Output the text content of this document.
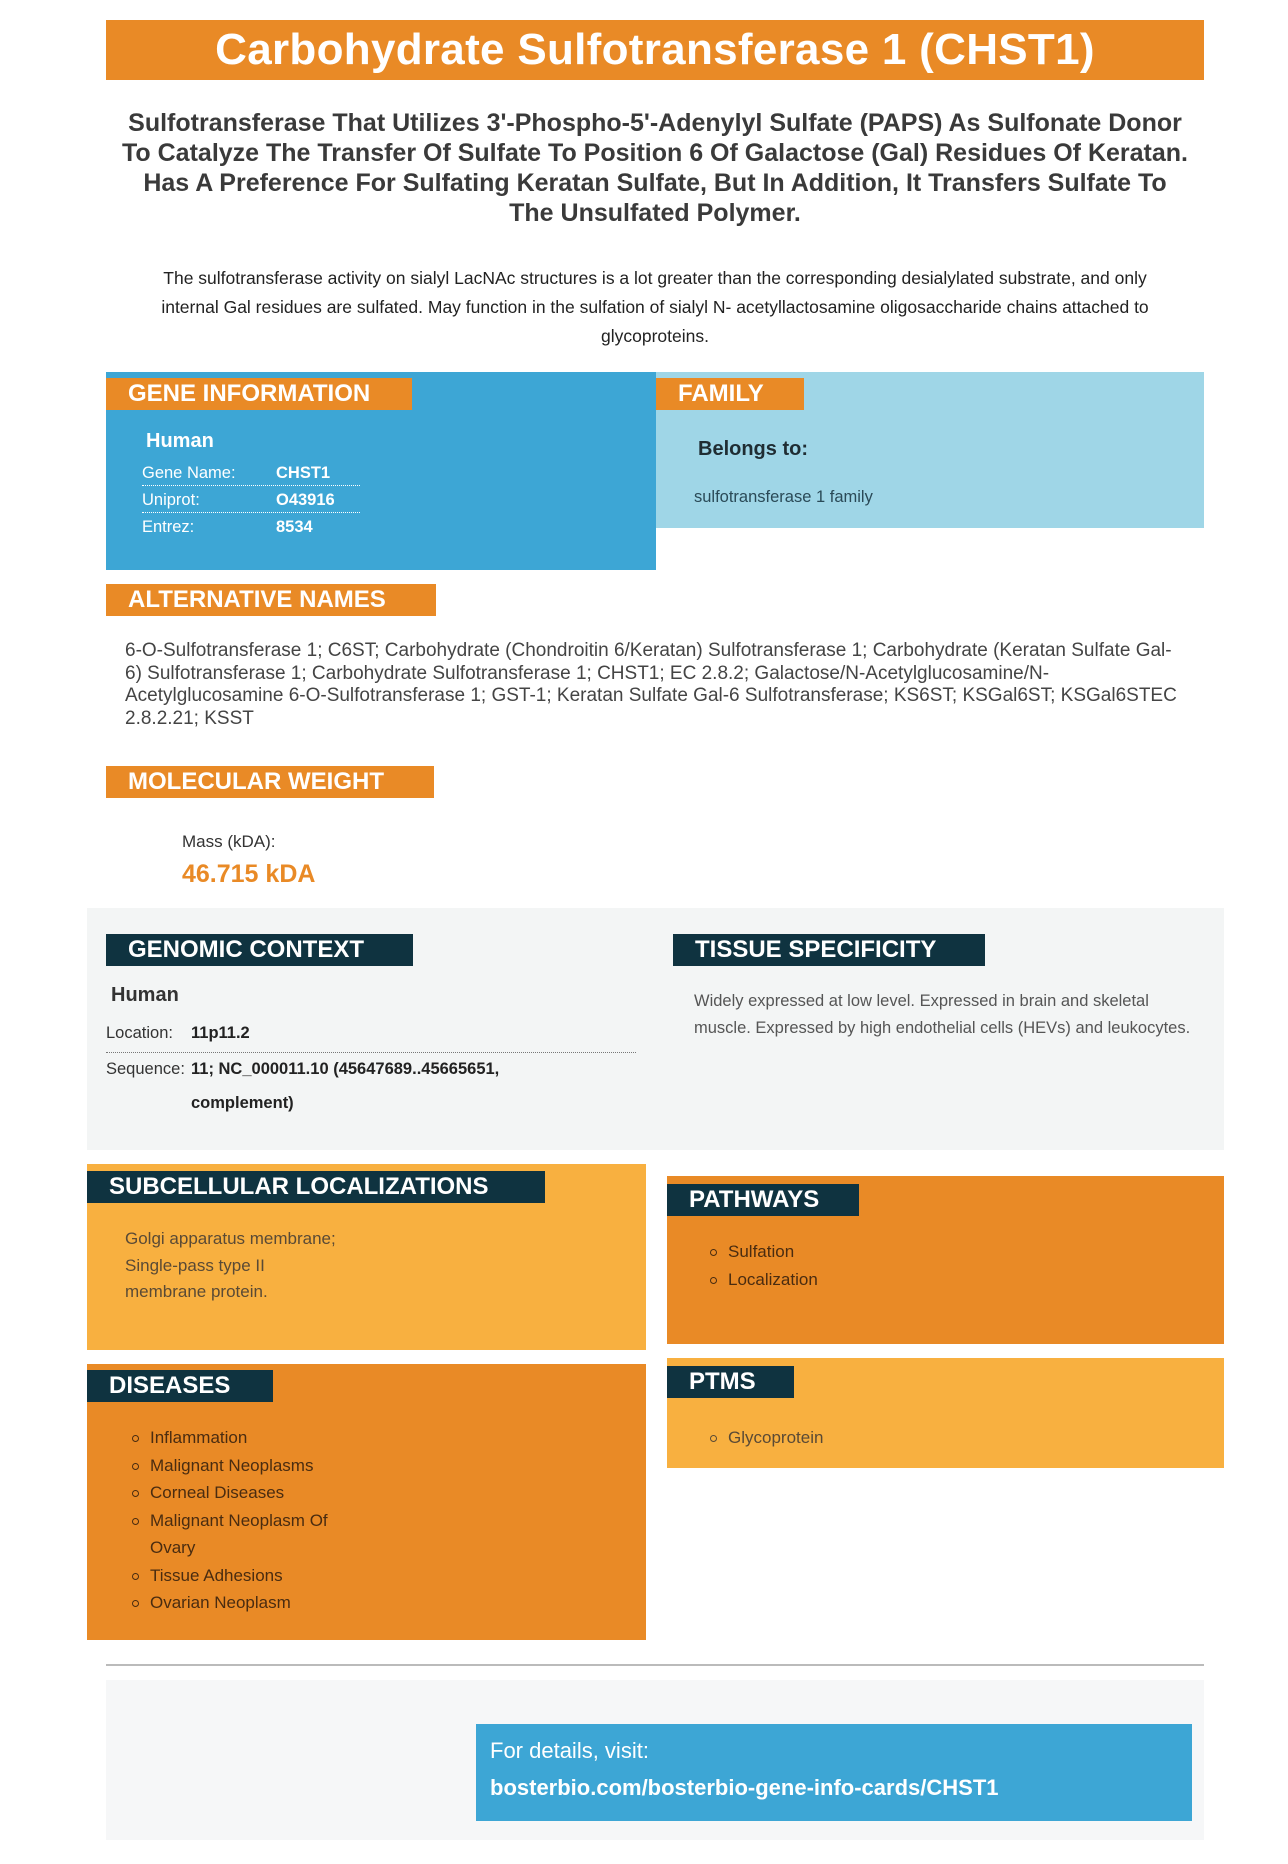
Carbohydrate Sulfotransferase 1 (CHST1)
Sulfotransferase That Utilizes 3'-Phospho-5'-Adenylyl Sulfate (PAPS) As Sulfonate Donor To Catalyze The Transfer Of Sulfate To Position 6 Of Galactose (Gal) Residues Of Keratan. Has A Preference For Sulfating Keratan Sulfate, But In Addition, It Transfers Sulfate To The Unsulfated Polymer.
The sulfotransferase activity on sialyl LacNAc structures is a lot greater than the corresponding desialylated substrate, and only internal Gal residues are sulfated. May function in the sulfation of sialyl N- acetyllactosamine oligosaccharide chains attached to glycoproteins.
GENE INFORMATION
Human
Gene Name: CHST1
Uniprot:	O43916
Entrez:	8534
FAMILY
Belongs to:
sulfotransferase 1 family
ALTERNATIVE NAMES
6-O-Sulfotransferase 1; C6ST; Carbohydrate (Chondroitin 6/Keratan) Sulfotransferase 1; Carbohydrate (Keratan Sulfate Gal-6) Sulfotransferase 1; Carbohydrate Sulfotransferase 1; CHST1; EC 2.8.2; Galactose/N-Acetylglucosamine/N-Acetylglucosamine 6-O-Sulfotransferase 1; GST-1; Keratan Sulfate Gal-6 Sulfotransferase; KS6ST; KSGal6ST; KSGal6STEC 2.8.2.21; KSST
MOLECULAR WEIGHT
Mass (kDA):
46.715 kDA
GENOMIC CONTEXT
Human
Location: 11p11.2
Sequence: 11; NC_000011.10 (45647689..45665651,
complement)
TISSUE SPECIFICITY
Widely expressed at low level. Expressed in brain and skeletal muscle. Expressed by high endothelial cells (HEVs) and leukocytes.
SUBCELLULAR LOCALIZATIONS
Golgi apparatus membrane; Single-pass type II membrane protein.
PATHWAYS
Sulfation
Localization
DISEASES
Inflammation
Malignant Neoplasms
Corneal Diseases
Malignant Neoplasm Of Ovary
Tissue Adhesions
Ovarian Neoplasm
PTMS
Glycoprotein
For details, visit:
bosterbio.com/bosterbio-gene-info-cards/CHST1
